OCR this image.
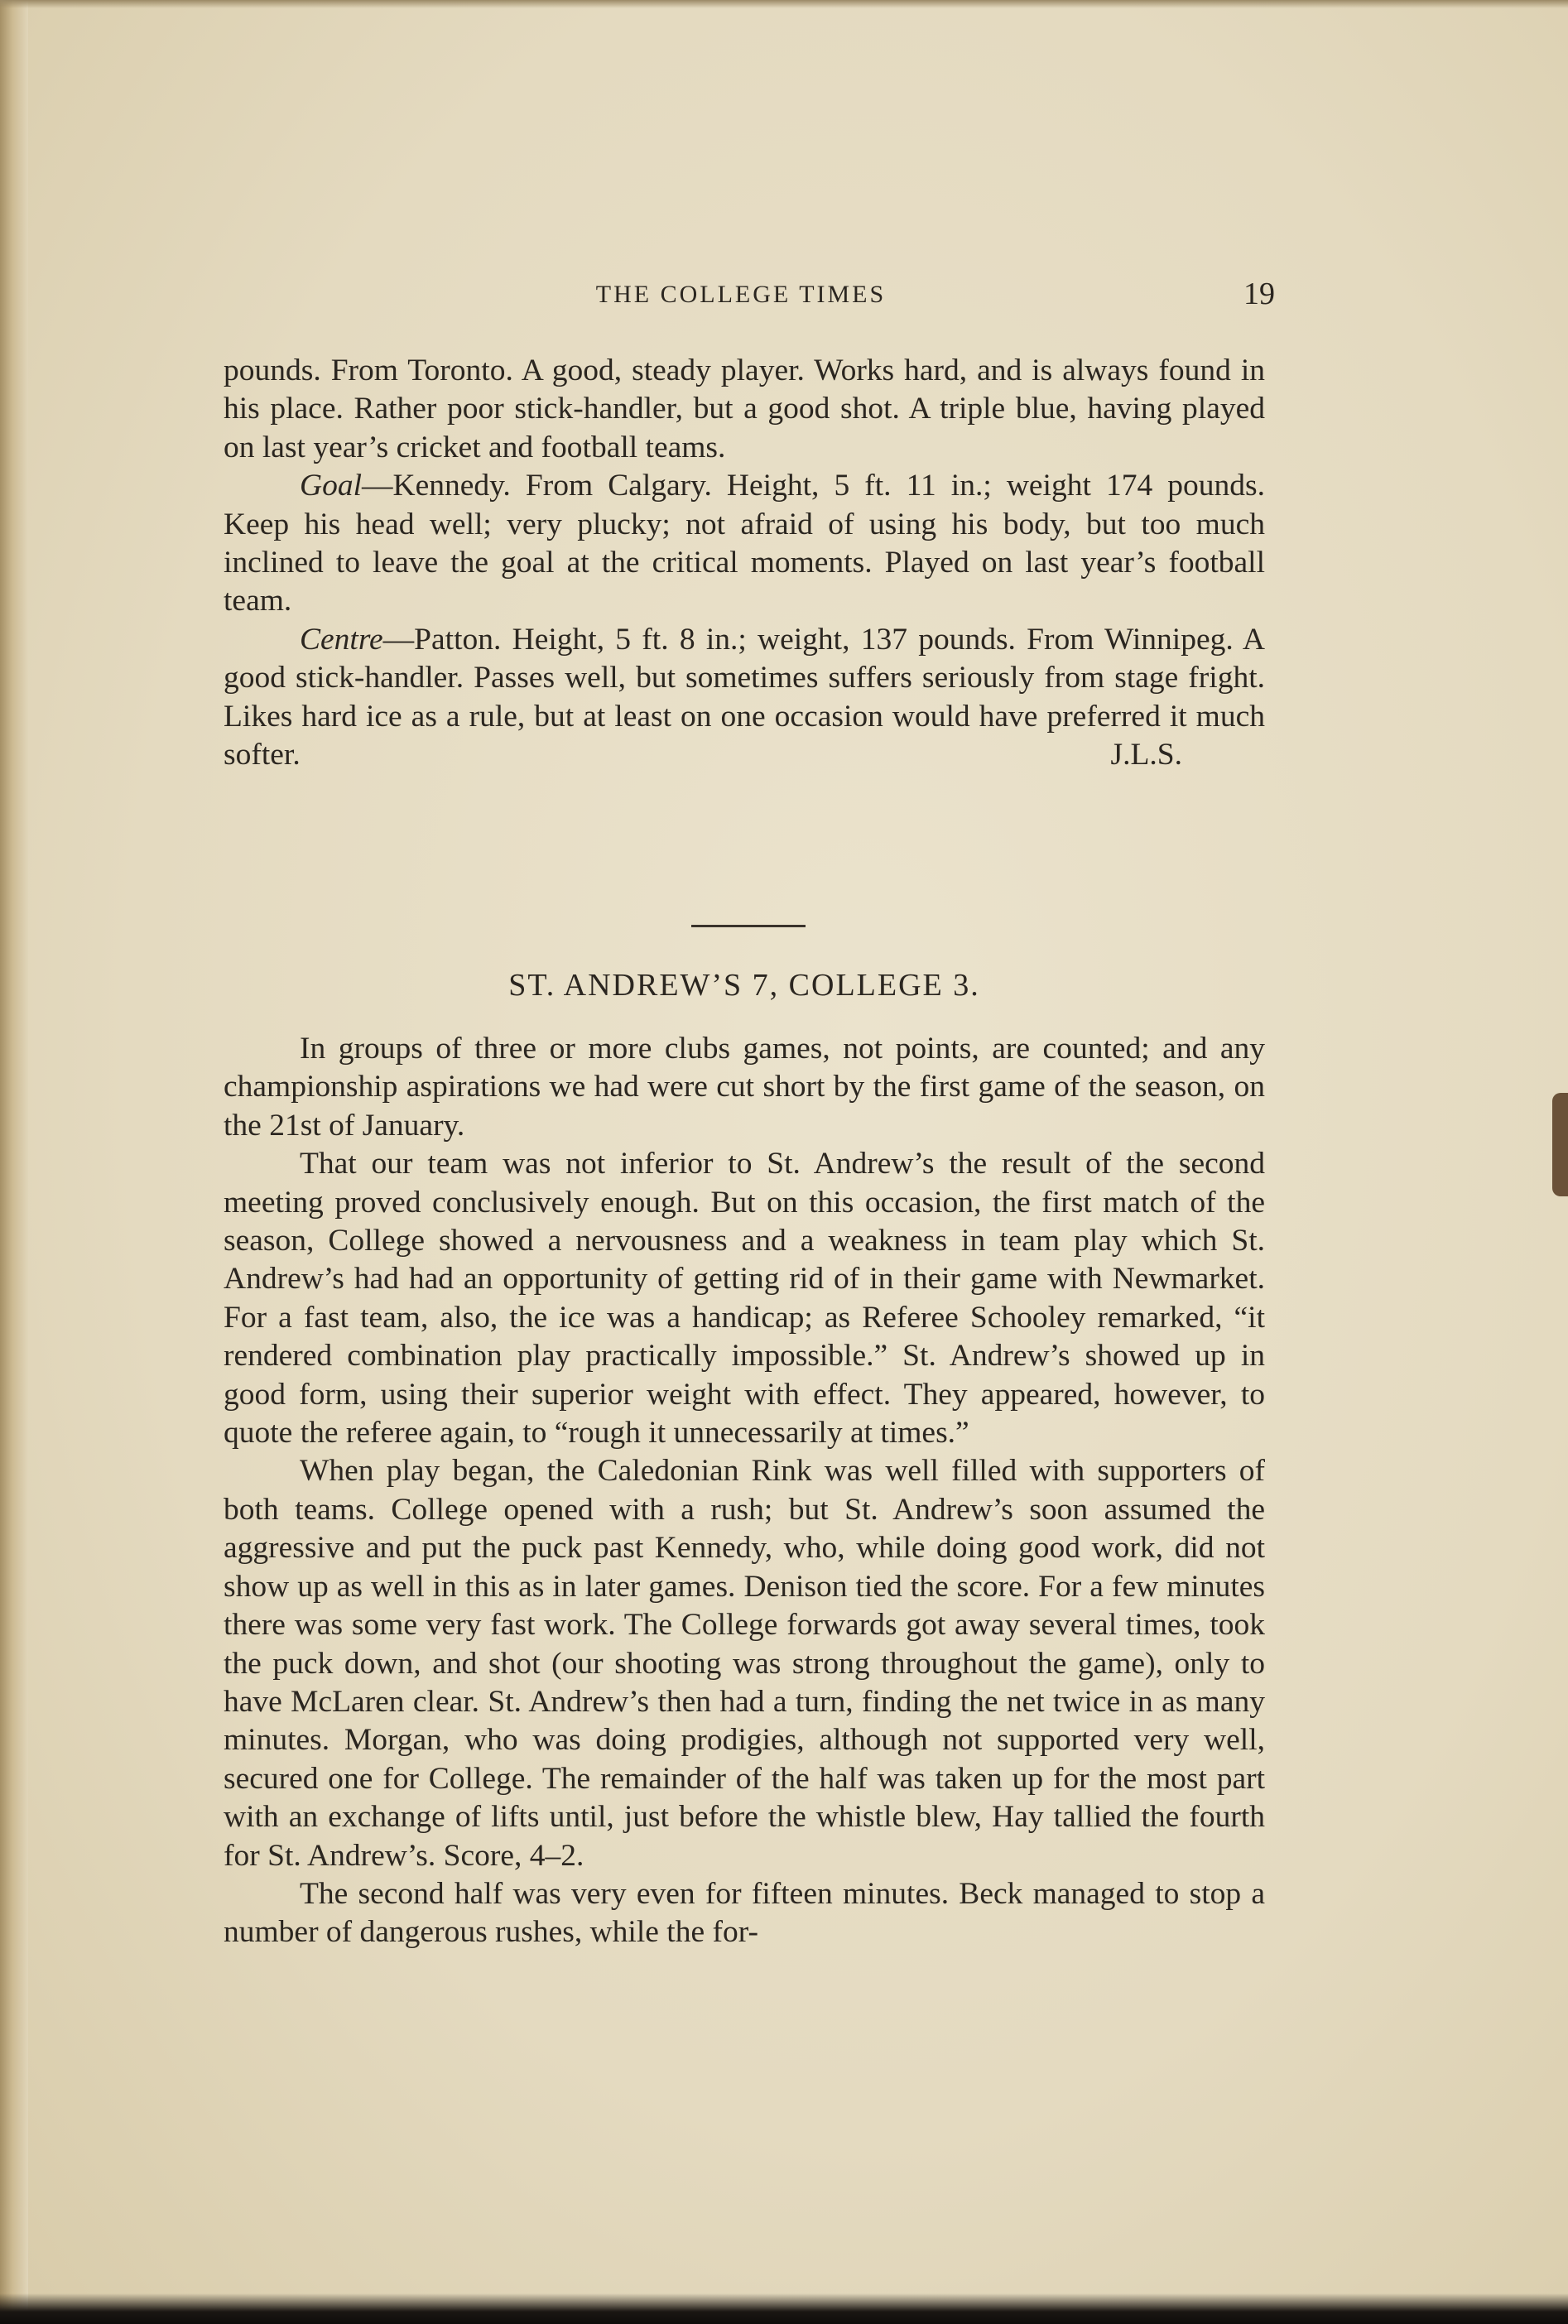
THE COLLEGE TIMES	19

pounds. From Toronto. A good, steady player. Works hard, and is always found in his place. Rather poor stick-handler, but a good shot. A triple blue, having played on last year’s cricket and football teams.

Goal—Kennedy. From Calgary. Height, 5 ft. 11 in.; weight 174 pounds. Keep his head well; very plucky; not afraid of using his body, but too much inclined to leave the goal at the critical moments. Played on last year’s football team.

Centre—Patton. Height, 5 ft. 8 in.; weight, 137 pounds. From Winnipeg. A good stick-handler. Passes well, but sometimes suffers seriously from stage fright. Likes hard ice as a rule, but at least on one occasion would have preferred it much softer.	J.L.S.

ST. ANDREW’S 7, COLLEGE 3.

In groups of three or more clubs games, not points, are counted; and any championship aspirations we had were cut short by the first game of the season, on the 21st of January.

That our team was not inferior to St. Andrew’s the result of the second meeting proved conclusively enough. But on this occasion, the first match of the season, College showed a nervousness and a weakness in team play which St. Andrew’s had had an opportunity of getting rid of in their game with Newmarket. For a fast team, also, the ice was a handicap; as Referee Schooley remarked, “it rendered combination play practically impossible.” St. Andrew’s showed up in good form, using their superior weight with effect. They appeared, however, to quote the referee again, to “rough it unnecessarily at times.”

When play began, the Caledonian Rink was well filled with supporters of both teams. College opened with a rush; but St. Andrew’s soon assumed the aggressive and put the puck past Kennedy, who, while doing good work, did not show up as well in this as in later games. Denison tied the score. For a few minutes there was some very fast work. The College forwards got away several times, took the puck down, and shot (our shooting was strong throughout the game), only to have McLaren clear. St. Andrew’s then had a turn, finding the net twice in as many minutes. Morgan, who was doing prodigies, although not supported very well, secured one for College. The remainder of the half was taken up for the most part with an exchange of lifts until, just before the whistle blew, Hay tallied the fourth for St. Andrew’s. Score, 4–2.

The second half was very even for fifteen minutes. Beck managed to stop a number of dangerous rushes, while the for-
